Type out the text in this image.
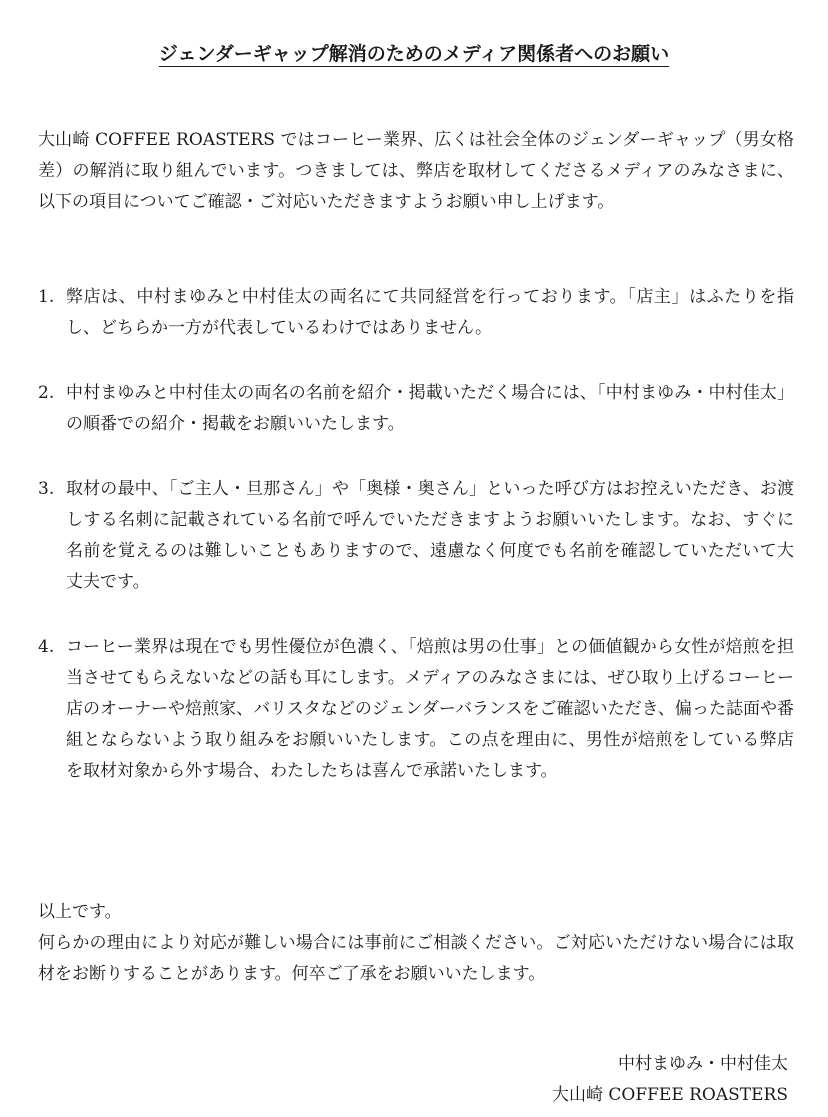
ジェンダーギャップ解消のためのメディア関係者へのお願い

大山崎 COFFEE ROASTERS ではコーヒー業界、広くは社会全体のジェンダーギャップ（男女格差）の解消に取り組んでいます。つきましては、弊店を取材してくださるメディアのみなさまに、以下の項目についてご確認・ご対応いただきますようお願い申し上げます。

1. 弊店は、中村まゆみと中村佳太の両名にて共同経営を行っております。「店主」はふたりを指し、どちらか一方が代表しているわけではありません。
2. 中村まゆみと中村佳太の両名の名前を紹介・掲載いただく場合には、「中村まゆみ・中村佳太」の順番での紹介・掲載をお願いいたします。
3. 取材の最中、「ご主人・旦那さん」や「奥様・奥さん」といった呼び方はお控えいただき、お渡しする名刺に記載されている名前で呼んでいただきますようお願いいたします。なお、すぐに名前を覚えるのは難しいこともありますので、遠慮なく何度でも名前を確認していただいて大丈夫です。
4. コーヒー業界は現在でも男性優位が色濃く、「焙煎は男の仕事」との価値観から女性が焙煎を担当させてもらえないなどの話も耳にします。メディアのみなさまには、ぜひ取り上げるコーヒー店のオーナーや焙煎家、バリスタなどのジェンダーバランスをご確認いただき、偏った誌面や番組とならないよう取り組みをお願いいたします。この点を理由に、男性が焙煎をしている弊店を取材対象から外す場合、わたしたちは喜んで承諾いたします。

以上です。

何らかの理由により対応が難しい場合には事前にご相談ください。ご対応いただけない場合には取材をお断りすることがあります。何卒ご了承をお願いいたします。

中村まゆみ・中村佳太
大山崎 COFFEE ROASTERS
